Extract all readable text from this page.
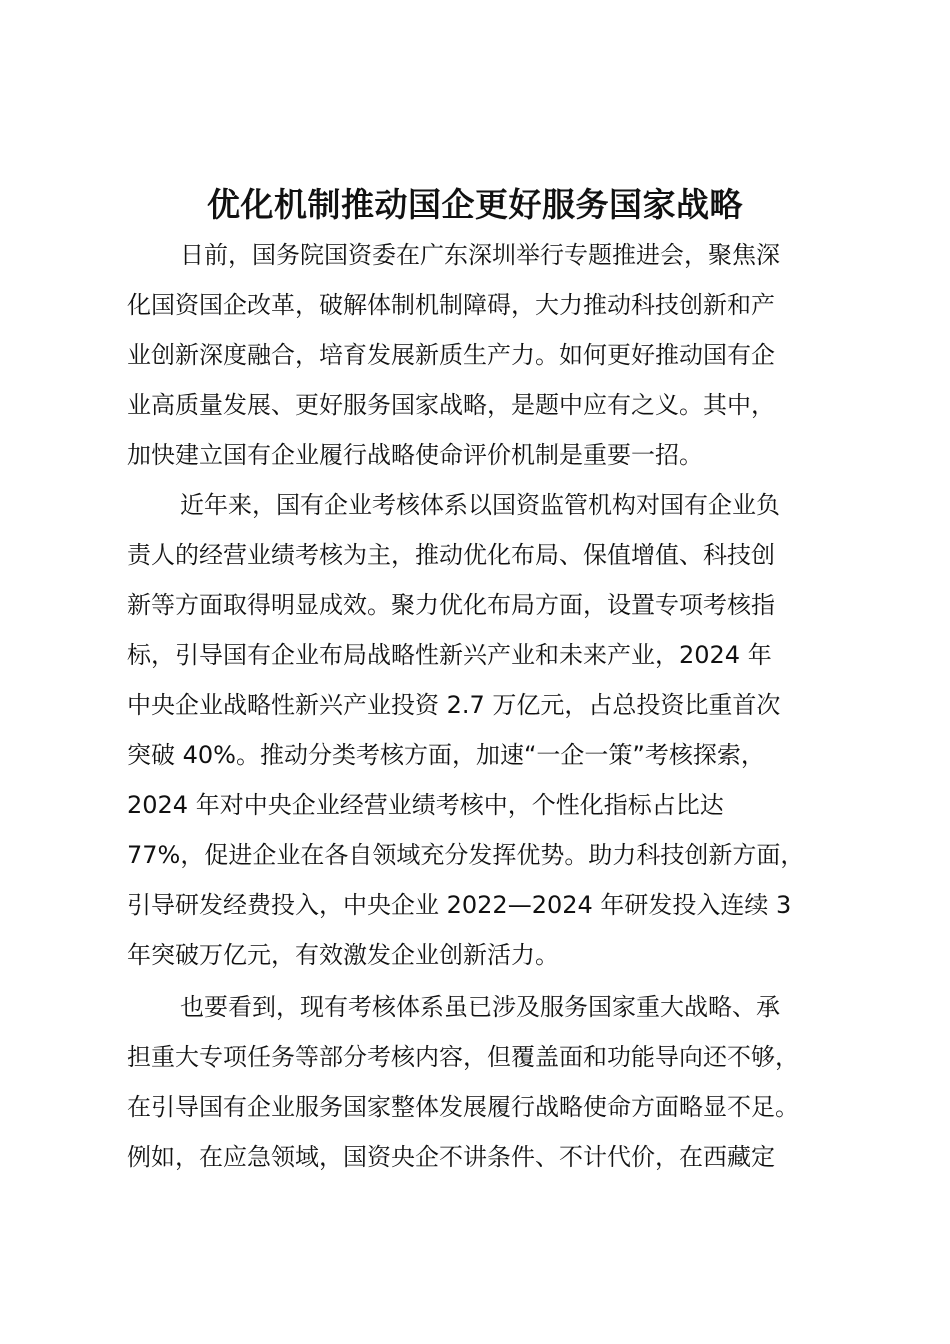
优化机制推动国企更好服务国家战略

日前，国务院国资委在广东深圳举行专题推进会，聚焦深

化国资国企改革，破解体制机制障碍，大力推动科技创新和产

业创新深度融合，培育发展新质生产力。如何更好推动国有企

业高质量发展、更好服务国家战略，是题中应有之义。其中，

加快建立国有企业履行战略使命评价机制是重要一招。

近年来，国有企业考核体系以国资监管机构对国有企业负

责人的经营业绩考核为主，推动优化布局、保值增值、科技创

新等方面取得明显成效。聚力优化布局方面，设置专项考核指

标，引导国有企业布局战略性新兴产业和未来产业，2024 年

中央企业战略性新兴产业投资 2.7 万亿元，占总投资比重首次

突破 40%。推动分类考核方面，加速“一企一策”考核探索，

2024 年对中央企业经营业绩考核中，个性化指标占比达

77%，促进企业在各自领域充分发挥优势。助力科技创新方面，

引导研发经费投入，中央企业 2022—2024 年研发投入连续 3

年突破万亿元，有效激发企业创新活力。

也要看到，现有考核体系虽已涉及服务国家重大战略、承

担重大专项任务等部分考核内容，但覆盖面和功能导向还不够，

在引导国有企业服务国家整体发展履行战略使命方面略显不足。

例如，在应急领域，国资央企不讲条件、不计代价，在西藏定
